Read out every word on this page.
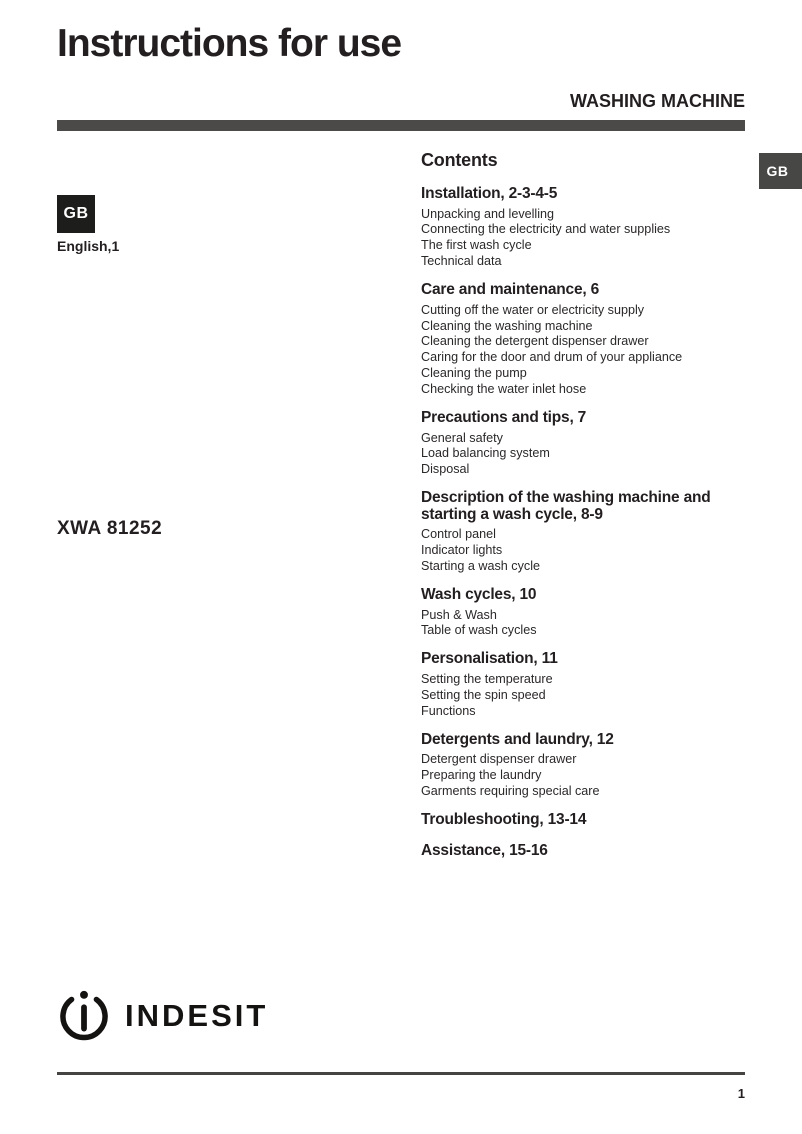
Instructions for use
WASHING MACHINE
GB
English,1
XWA 81252
GB
Contents
Installation, 2-3-4-5
Unpacking and levelling
Connecting the electricity and water supplies
The first wash cycle
Technical data
Care and maintenance, 6
Cutting off the water or electricity supply
Cleaning the washing machine
Cleaning the detergent dispenser drawer
Caring for the door and drum of your appliance
Cleaning the pump
Checking the water inlet hose
Precautions and tips, 7
General safety
Load balancing system
Disposal
Description of the washing machine and starting a wash cycle, 8-9
Control panel
Indicator lights
Starting a wash cycle
Wash cycles, 10
Push & Wash
Table of wash cycles
Personalisation, 11
Setting the temperature
Setting the spin speed
Functions
Detergents and laundry, 12
Detergent dispenser drawer
Preparing the laundry
Garments requiring special care
Troubleshooting, 13-14
Assistance, 15-16
INDESIT
1
